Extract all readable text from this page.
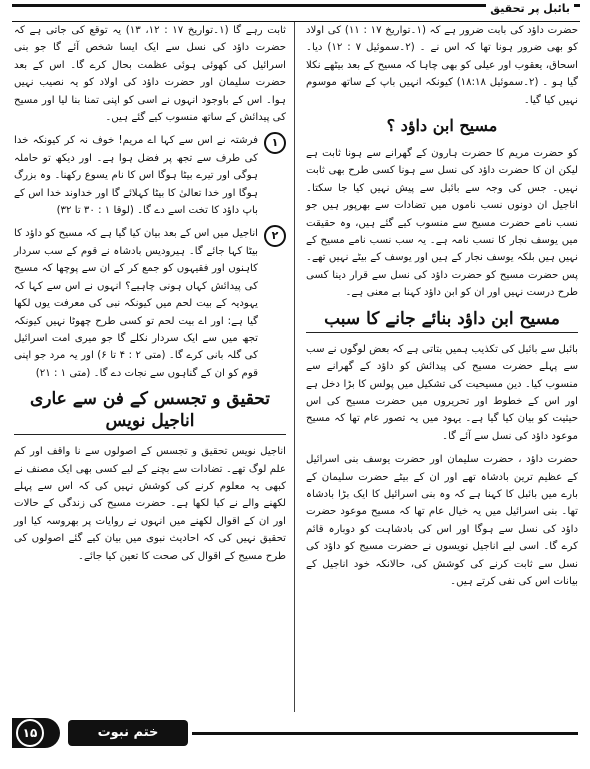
بائبل پر تحقیق

حضرت داؤد کی بابت ضرور ہے کہ (۱۔تواریخ ۱۷ : ۱۱) کی اولاد کو بھی ضرور ہونا تھا کہ اس نے ۔ (۲۔سموئیل ۷ : ۱۲) دیا۔ اسحاق، یعقوب اور عیلی کو بھی چاہا کہ مسیح کے بعد بیٹھے نکلا گیا ہو ۔ (۲۔سموئیل ۱۸:۱۸) کیونکہ انہیں باپ کے ساتھ موسوم نہیں کیا گیا۔

مسیح ابن داؤد ؟

کو حضرت مریم کا حضرت ہارون کے گھرانے سے ہونا ثابت ہے لیکن ان کا حضرت داؤد کی نسل سے ہونا کسی طرح بھی ثابت نہیں۔ جس کی وجہ سے بائبل سے پیش نہیں کیا جا سکتا۔ اناجیل ان دونوں نسب ناموں میں تضادات سے بھرپور ہیں جو نسب نامے حضرت مسیح سے منسوب کیے گئے ہیں، وہ حقیقت میں یوسف نجار کا نسب نامہ ہے۔ یہ سب نسب نامے مسیح کے نہیں ہیں بلکہ یوسف نجار کے ہیں اور یوسف کے بیٹے نہیں تھے۔ پس حضرت مسیح کو حضرت داؤد کی نسل سے قرار دینا کسی طرح درست نہیں اور ان کو ابن داؤد کہنا بے معنی ہے۔

مسیح ابن داؤد بنائے جانے کا سبب

بائبل سے بائبل کی تکذیب ہمیں بتاتی ہے کہ بعض لوگوں نے سب سے پہلے حضرت مسیح کی پیدائش کو داؤد کے گھرانے سے منسوب کیا۔ دین مسیحیت کی تشکیل میں پولس کا بڑا دخل ہے اور اس کے خطوط اور تحریروں میں حضرت مسیح کی اس حیثیت کو بیان کیا گیا ہے۔ یہود میں یہ تصور عام تھا کہ مسیح موعود داؤد کی نسل سے آئے گا۔

حضرت داؤد ، حضرت سلیمان اور حضرت یوسف بنی اسرائیل کے عظیم ترین بادشاہ تھے اور ان کے بیٹے حضرت سلیمان کے بارے میں بائبل کا کہنا ہے کہ وہ بنی اسرائیل کا ایک بڑا بادشاہ تھا۔ بنی اسرائیل میں یہ خیال عام تھا کہ مسیح موعود حضرت داؤد کی نسل سے ہوگا اور اس کی بادشاہت کو دوبارہ قائم کرے گا۔ اسی لیے اناجیل نویسوں نے حضرت مسیح کو داؤد کی نسل سے ثابت کرنے کی کوشش کی، حالانکہ خود اناجیل کے بیانات اس کی نفی کرتے ہیں۔

ثابت رہے گا (۱۔تواریخ ۱۷ : ۱۲، ۱۳) یہ توقع کی جاتی ہے کہ حضرت داؤد کی نسل سے ایک ایسا شخص آئے گا جو بنی اسرائیل کی کھوئی ہوئی عظمت بحال کرے گا۔ اس کے بعد حضرت سلیمان اور حضرت داؤد کی اولاد کو یہ نصیب نہیں ہوا۔ اس کے باوجود انہوں نے اسی کو اپنی تمنا بنا لیا اور مسیح کی پیدائش کے ساتھ منسوب کیے گئے ہیں۔

۱
فرشتہ نے اس سے کہا اے مریم! خوف نہ کر کیونکہ خدا کی طرف سے تجھ پر فضل ہوا ہے۔ اور دیکھ تو حاملہ ہوگی اور تیرے بیٹا ہوگا اس کا نام یسوع رکھنا۔ وہ بزرگ ہوگا اور خدا تعالیٰ کا بیٹا کہلائے گا اور خداوند خدا اس کے باپ داؤد کا تخت اسے دے گا۔ (لوقا ۱ : ۳۰ تا ۳۲)
۲
اناجیل میں اس کے بعد بیان کیا گیا ہے کہ مسیح کو داؤد کا بیٹا کہا جائے گا۔ ہیرودیس بادشاہ نے قوم کے سب سردار کاہنوں اور فقیہوں کو جمع کر کے ان سے پوچھا کہ مسیح کی پیدائش کہاں ہونی چاہیے؟ انہوں نے اس سے کہا کہ یہودیہ کے بیت لحم میں کیونکہ نبی کی معرفت یوں لکھا گیا ہے: اور اے بیت لحم تو کسی طرح چھوٹا نہیں کیونکہ تجھ میں سے ایک سردار نکلے گا جو میری امت اسرائیل کی گلہ بانی کرے گا۔ (متی ۲ : ۴ تا ۶) اور یہ مرد جو اپنی قوم کو ان کے گناہوں سے نجات دے گا۔ (متی ۱ : ۲۱)
تحقیق و تجسس کے فن سے عاری اناجیل نویس

اناجیل نویس تحقیق و تجسس کے اصولوں سے نا واقف اور کم علم لوگ تھے۔ تضادات سے بچنے کے لیے کسی بھی ایک مصنف نے کبھی یہ معلوم کرنے کی کوشش نہیں کی کہ اس سے پہلے لکھنے والے نے کیا لکھا ہے۔ حضرت مسیح کی زندگی کے حالات اور ان کے اقوال لکھنے میں انہوں نے روایات پر بھروسہ کیا اور تحقیق نہیں کی کہ احادیث نبوی میں بیان کیے گئے اصولوں کی طرح مسیح کے اقوال کی صحت کا تعین کیا جائے۔

۱۵	ختم نبوت
